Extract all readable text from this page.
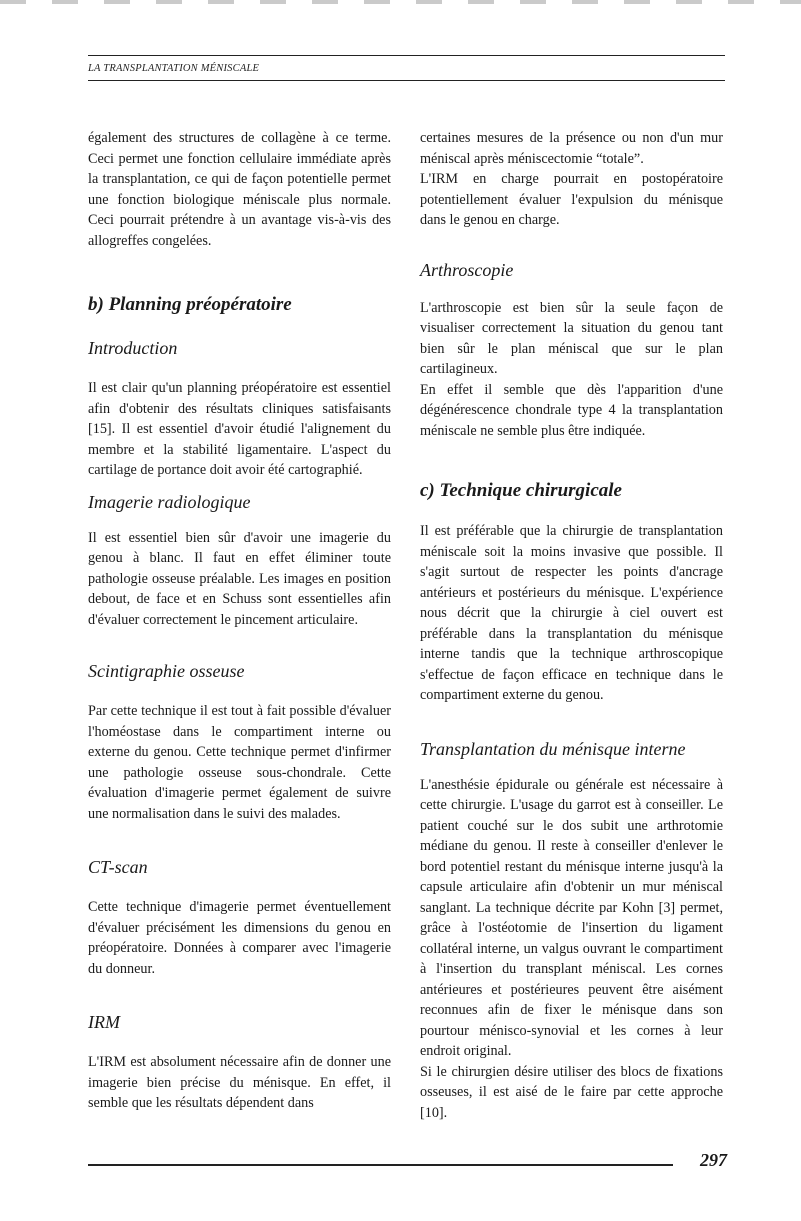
LA TRANSPLANTATION MÉNISCALE

également des structures de collagène à ce terme. Ceci permet une fonction cellulaire immédiate après la transplantation, ce qui de façon potentielle permet une fonction biologique méniscale plus normale. Ceci pourrait prétendre à un avantage vis-à-vis des allogreffes congelées.

b) Planning préopératoire
Introduction

Il est clair qu'un planning préopératoire est essentiel afin d'obtenir des résultats cliniques satisfaisants [15]. Il est essentiel d'avoir étudié l'alignement du membre et la stabilité ligamentaire. L'aspect du cartilage de portance doit avoir été cartographié.

Imagerie radiologique

Il est essentiel bien sûr d'avoir une imagerie du genou à blanc. Il faut en effet éliminer toute pathologie osseuse préalable. Les images en position debout, de face et en Schuss sont essentielles afin d'évaluer correctement le pincement articulaire.

Scintigraphie osseuse

Par cette technique il est tout à fait possible d'évaluer l'homéostase dans le compartiment interne ou externe du genou. Cette technique permet d'infirmer une pathologie osseuse sous-chondrale. Cette évaluation d'imagerie permet également de suivre une normalisation dans le suivi des malades.

CT-scan

Cette technique d'imagerie permet éventuellement d'évaluer précisément les dimensions du genou en préopératoire. Données à comparer avec l'imagerie du donneur.

IRM

L'IRM est absolument nécessaire afin de donner une imagerie bien précise du ménisque. En effet, il semble que les résultats dépendent dans

certaines mesures de la présence ou non d'un mur méniscal après méniscectomie “totale”.

L'IRM en charge pourrait en postopératoire potentiellement évaluer l'expulsion du ménisque dans le genou en charge.

Arthroscopie

L'arthroscopie est bien sûr la seule façon de visualiser correctement la situation du genou tant bien sûr le plan méniscal que sur le plan cartilagineux.

En effet il semble que dès l'apparition d'une dégénérescence chondrale type 4 la transplantation méniscale ne semble plus être indiquée.

c) Technique chirurgicale

Il est préférable que la chirurgie de transplantation méniscale soit la moins invasive que possible. Il s'agit surtout de respecter les points d'ancrage antérieurs et postérieurs du ménisque. L'expérience nous décrit que la chirurgie à ciel ouvert est préférable dans la transplantation du ménisque interne tandis que la technique arthroscopique s'effectue de façon efficace en technique dans le compartiment externe du genou.

Transplantation du ménisque interne

L'anesthésie épidurale ou générale est nécessaire à cette chirurgie. L'usage du garrot est à conseiller. Le patient couché sur le dos subit une arthrotomie médiane du genou. Il reste à conseiller d'enlever le bord potentiel restant du ménisque interne jusqu'à la capsule articulaire afin d'obtenir un mur méniscal sanglant. La technique décrite par Kohn [3] permet, grâce à l'ostéotomie de l'insertion du ligament collatéral interne, un valgus ouvrant le compartiment à l'insertion du transplant méniscal. Les cornes antérieures et postérieures peuvent être aisément reconnues afin de fixer le ménisque dans son pourtour ménisco-synovial et les cornes à leur endroit original.

Si le chirurgien désire utiliser des blocs de fixations osseuses, il est aisé de le faire par cette approche [10].

297
